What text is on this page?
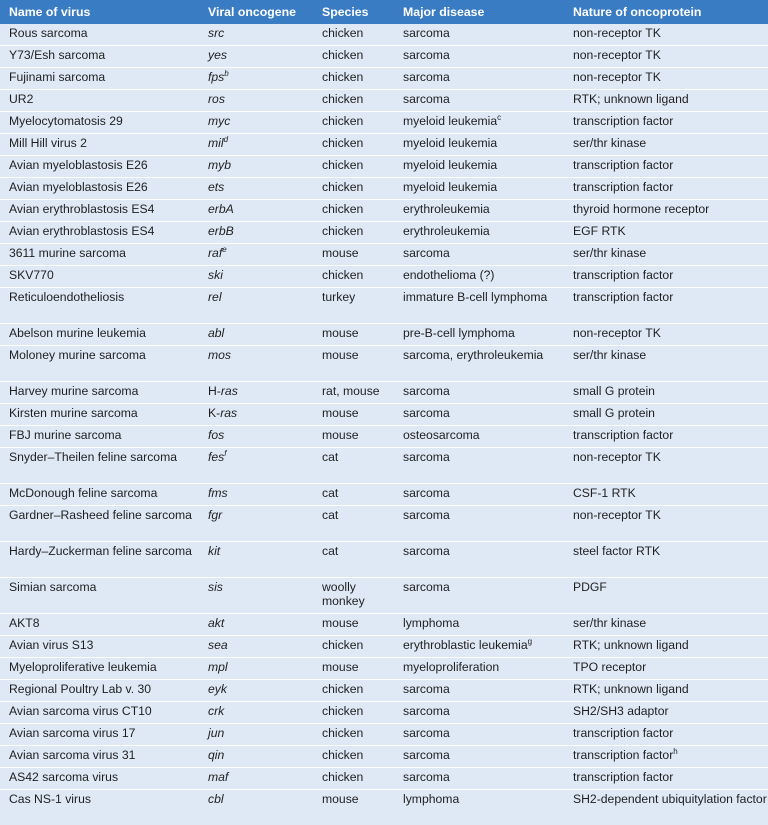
Name of virus	Viral oncogene	Species	Major disease	Nature of oncoprotein
Rous sarcoma	src	chicken	sarcoma	non-receptor TK
Y73/Esh sarcoma	yes	chicken	sarcoma	non-receptor TK
Fujinami sarcoma	fps$^b$	chicken	sarcoma	non-receptor TK
UR2	ros	chicken	sarcoma	RTK; unknown ligand
Myelocytomatosis 29	myc	chicken	myeloid leukemia$^c$	transcription factor
Mill Hill virus 2	mil$^d$	chicken	myeloid leukemia	ser/thr kinase
Avian myeloblastosis E26	myb	chicken	myeloid leukemia	transcription factor
Avian myeloblastosis E26	ets	chicken	myeloid leukemia	transcription factor
Avian erythroblastosis ES4	erbA	chicken	erythroleukemia	thyroid hormone receptor
Avian erythroblastosis ES4	erbB	chicken	erythroleukemia	EGF RTK
3611 murine sarcoma	raf$^e$	mouse	sarcoma	ser/thr kinase
SKV770	ski	chicken	endothelioma (?)	transcription factor
Reticuloendotheliosis	rel	turkey	immature B-cell lymphoma	transcription factor
Abelson murine leukemia	abl	mouse	pre-B-cell lymphoma	non-receptor TK
Moloney murine sarcoma	mos	mouse	sarcoma, erythroleukemia	ser/thr kinase
Harvey murine sarcoma	H-ras	rat, mouse	sarcoma	small G protein
Kirsten murine sarcoma	K-ras	mouse	sarcoma	small G protein
FBJ murine sarcoma	fos	mouse	osteosarcoma	transcription factor
Snyder–Theilen feline sarcoma	fes$^f$	cat	sarcoma	non-receptor TK
McDonough feline sarcoma	fms	cat	sarcoma	CSF-1 RTK
Gardner–Rasheed feline sarcoma	fgr	cat	sarcoma	non-receptor TK
Hardy–Zuckerman feline sarcoma	kit	cat	sarcoma	steel factor RTK
Simian sarcoma	sis	woolly monkey	sarcoma	PDGF
AKT8	akt	mouse	lymphoma	ser/thr kinase
Avian virus S13	sea	chicken	erythroblastic leukemia$^g$	RTK; unknown ligand
Myeloproliferative leukemia	mpl	mouse	myeloproliferation	TPO receptor
Regional Poultry Lab v. 30	eyk	chicken	sarcoma	RTK; unknown ligand
Avian sarcoma virus CT10	crk	chicken	sarcoma	SH2/SH3 adaptor
Avian sarcoma virus 17	jun	chicken	sarcoma	transcription factor
Avian sarcoma virus 31	qin	chicken	sarcoma	transcription factor$^h$
AS42 sarcoma virus	maf	chicken	sarcoma	transcription factor
Cas NS-1 virus	cbl	mouse	lymphoma	SH2-dependent ubiquitylation factor
